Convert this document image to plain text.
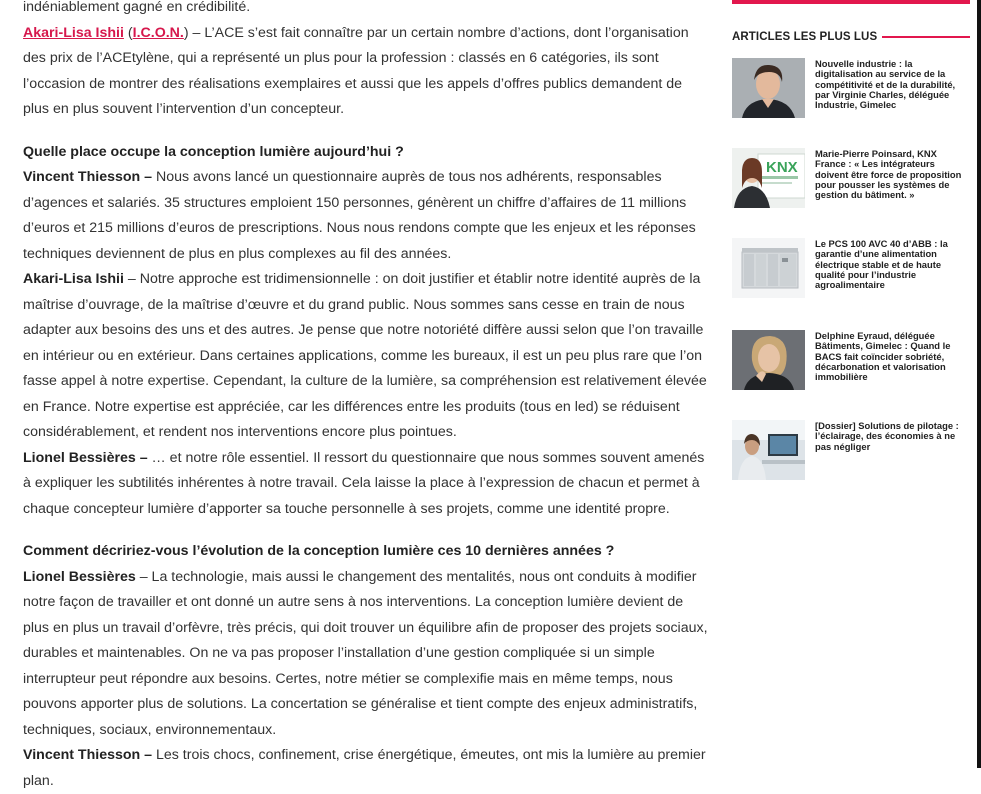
indéniablement gagné en crédibilité.

Akari-Lisa Ishii (I.C.O.N.) – L’ACE s’est fait connaître par un certain nombre d’actions, dont l’organisation des prix de l’ACEtylène, qui a représenté un plus pour la profession : classés en 6 catégories, ils sont l’occasion de montrer des réalisations exemplaires et aussi que les appels d’offres publics demandent de plus en plus souvent l’intervention d’un concepteur.

Quelle place occupe la conception lumière aujourd’hui ?

Vincent Thiesson – Nous avons lancé un questionnaire auprès de tous nos adhérents, responsables d’agences et salariés. 35 structures emploient 150 personnes, génèrent un chiffre d’affaires de 11 millions d’euros et 215 millions d’euros de prescriptions. Nous nous rendons compte que les enjeux et les réponses techniques deviennent de plus en plus complexes au fil des années.

Akari-Lisa Ishii – Notre approche est tridimensionnelle : on doit justifier et établir notre identité auprès de la maîtrise d’ouvrage, de la maîtrise d’œuvre et du grand public. Nous sommes sans cesse en train de nous adapter aux besoins des uns et des autres. Je pense que notre notoriété diffère aussi selon que l’on travaille en intérieur ou en extérieur. Dans certaines applications, comme les bureaux, il est un peu plus rare que l’on fasse appel à notre expertise. Cependant, la culture de la lumière, sa compréhension est relativement élevée en France. Notre expertise est appréciée, car les différences entre les produits (tous en led) se réduisent considérablement, et rendent nos interventions encore plus pointues.

Lionel Bessières – … et notre rôle essentiel. Il ressort du questionnaire que nous sommes souvent amenés à expliquer les subtilités inhérentes à notre travail. Cela laisse la place à l’expression de chacun et permet à chaque concepteur lumière d’apporter sa touche personnelle à ses projets, comme une identité propre.

Comment décririez-vous l’évolution de la conception lumière ces 10 dernières années ?

Lionel Bessières – La technologie, mais aussi le changement des mentalités, nous ont conduits à modifier notre façon de travailler et ont donné un autre sens à nos interventions. La conception lumière devient de plus en plus un travail d’orfèvre, très précis, qui doit trouver un équilibre afin de proposer des projets sociaux, durables et maintenables. On ne va pas proposer l’installation d’une gestion compliquée si un simple interrupteur peut répondre aux besoins. Certes, notre métier se complexifie mais en même temps, nous pouvons apporter plus de solutions. La concertation se généralise et tient compte des enjeux administratifs, techniques, sociaux, environnementaux.

Vincent Thiesson – Les trois chocs, confinement, crise énergétique, émeutes, ont mis la lumière au premier plan.

ARTICLES LES PLUS LUS
Nouvelle industrie : la digitalisation au service de la compétitivité et de la durabilité, par Virginie Charles, déléguée Industrie, Gimelec
KNX
Marie-Pierre Poinsard, KNX France : « Les intégrateurs doivent être force de proposition pour pousser les systèmes de gestion du bâtiment. »
Le PCS 100 AVC 40 d’ABB : la garantie d’une alimentation électrique stable et de haute qualité pour l’industrie agroalimentaire
Delphine Eyraud, déléguée Bâtiments, Gimelec : Quand le BACS fait coïncider sobriété, décarbonation et valorisation immobilière
[Dossier] Solutions de pilotage : l’éclairage, des économies à ne pas négliger
